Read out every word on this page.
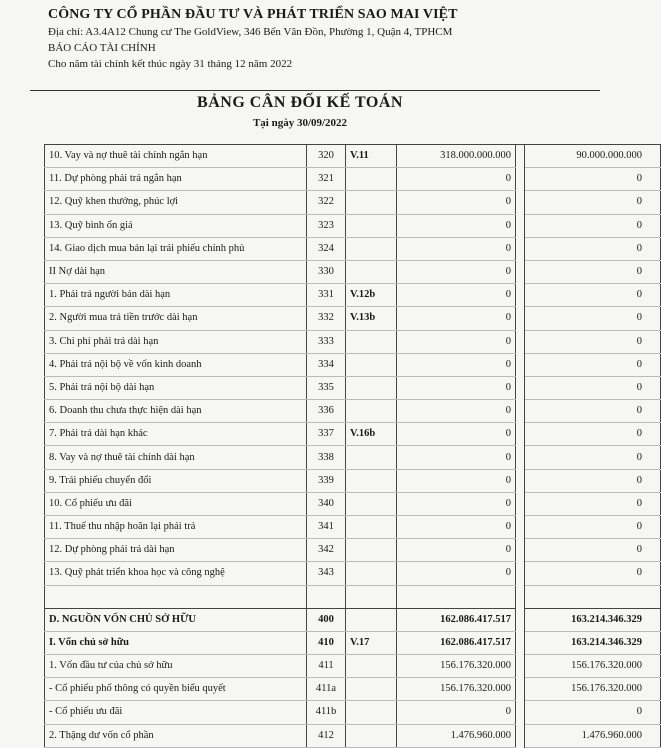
CÔNG TY CỔ PHẦN ĐẦU TƯ VÀ PHÁT TRIỂN SAO MAI VIỆT
Địa chỉ: A3.4A12 Chung cư The GoldView, 346 Bến Vân Đồn, Phường 1, Quận 4, TPHCM
BÁO CÁO TÀI CHÍNH
Cho năm tài chính kết thúc ngày 31 tháng 12 năm 2022
BẢNG CÂN ĐỐI KẾ TOÁN
Tại ngày 30/09/2022
10. Vay và nợ thuê tài chính ngắn hạn	320	V.11	318.000.000.000		90.000.000.000
11. Dự phòng phải trả ngắn hạn	321		0		0
12. Quỹ khen thưởng, phúc lợi	322		0		0
13. Quỹ bình ổn giá	323		0		0
14. Giao dịch mua bán lại trái phiếu chính phủ	324		0		0
II Nợ dài hạn	330		0		0
1. Phải trả người bán dài hạn	331	V.12b	0		0
2. Người mua trả tiền trước dài hạn	332	V.13b	0		0
3. Chi phí phải trả dài hạn	333		0		0
4. Phải trả nội bộ về vốn kinh doanh	334		0		0
5. Phải trả nội bộ dài hạn	335		0		0
6. Doanh thu chưa thực hiện dài hạn	336		0		0
7. Phải trả dài hạn khác	337	V.16b	0		0
8. Vay và nợ thuê tài chính dài hạn	338		0		0
9. Trái phiếu chuyển đổi	339		0		0
10. Cổ phiếu ưu đãi	340		0		0
11. Thuế thu nhập hoãn lại phải trả	341		0		0
12. Dự phòng phải trả dài hạn	342		0		0
13. Quỹ phát triển khoa học và công nghệ	343		0		0

D. NGUỒN VỐN CHỦ SỞ HỮU	400		162.086.417.517		163.214.346.329
I. Vốn chủ sở hữu	410	V.17	162.086.417.517		163.214.346.329
1. Vốn đầu tư của chủ sở hữu	411		156.176.320.000		156.176.320.000
- Cổ phiếu phổ thông có quyền biểu quyết	411a		156.176.320.000		156.176.320.000
- Cổ phiếu ưu đãi	411b		0		0
2. Thặng dư vốn cổ phần	412		1.476.960.000		1.476.960.000
